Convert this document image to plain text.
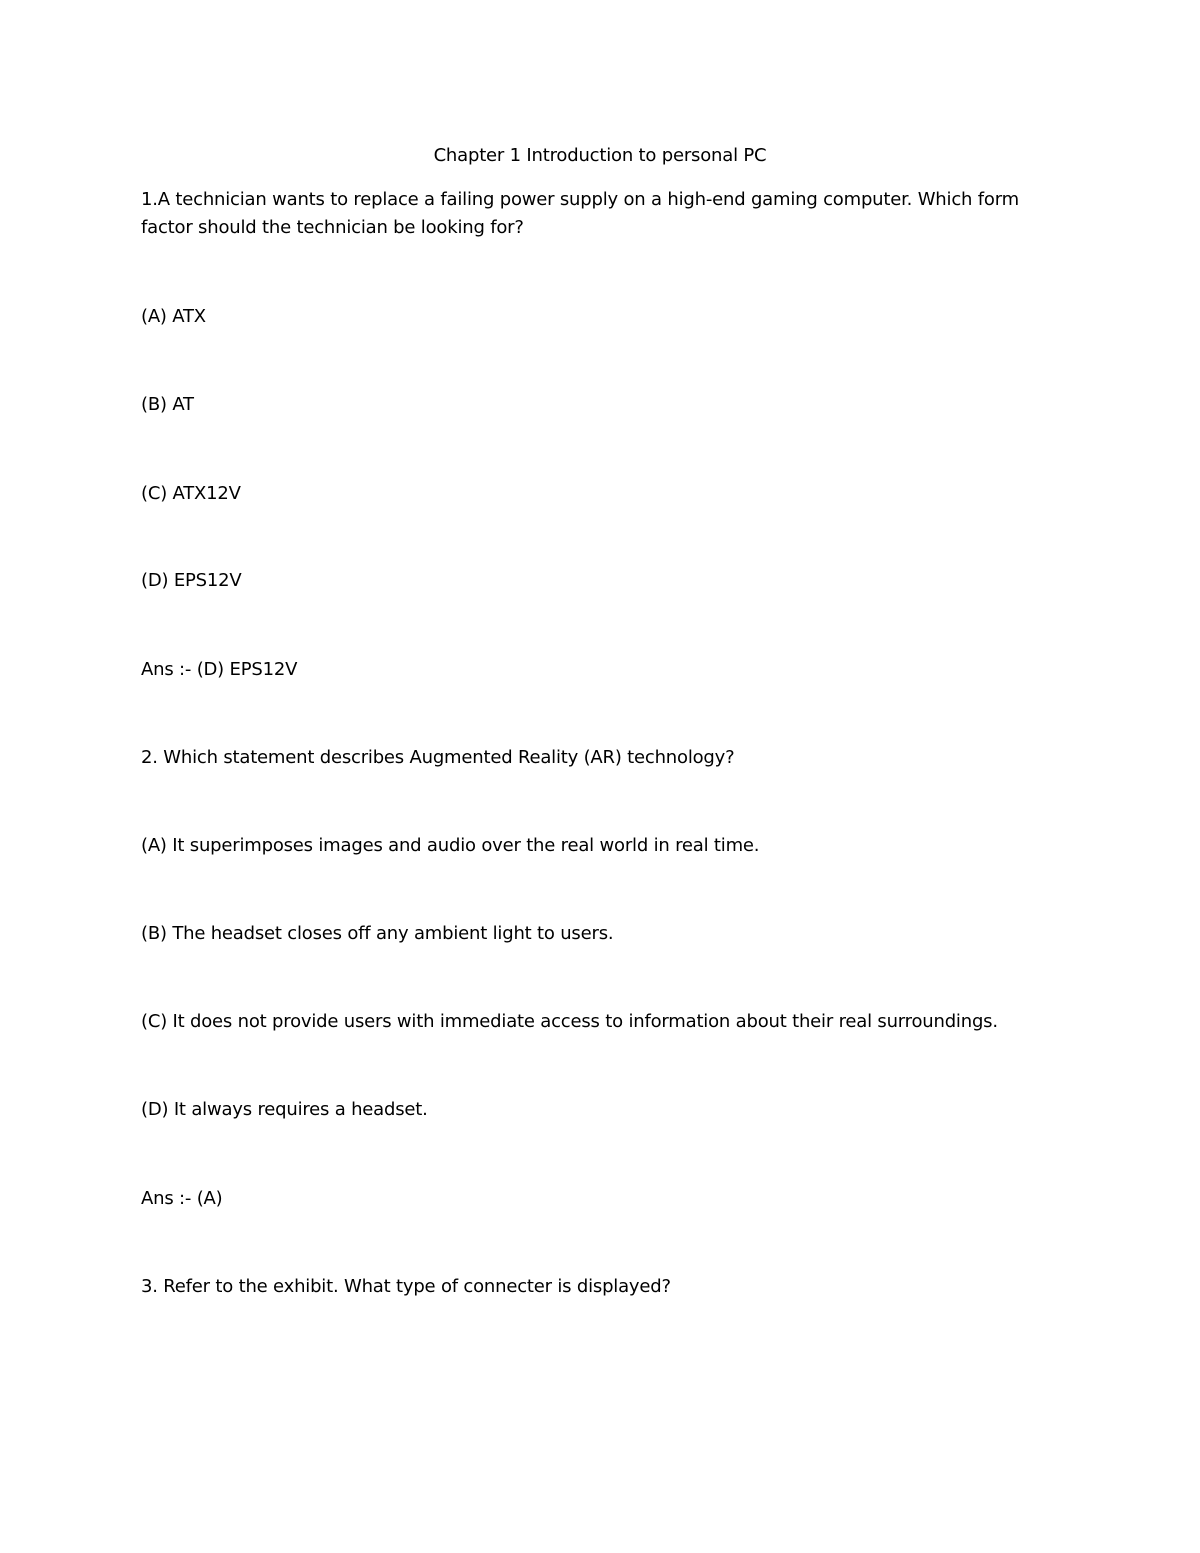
Chapter 1 Introduction to personal PC
1.A technician wants to replace a failing power supply on a high-end gaming computer. Which form
factor should the technician be looking for?
(A) ATX
(B) AT
(C) ATX12V
(D) EPS12V
Ans :- (D) EPS12V
2. Which statement describes Augmented Reality (AR) technology?
(A) It superimposes images and audio over the real world in real time.
(B) The headset closes off any ambient light to users.
(C) It does not provide users with immediate access to information about their real surroundings.
(D) It always requires a headset.
Ans :- (A)
3. Refer to the exhibit. What type of connecter is displayed?
